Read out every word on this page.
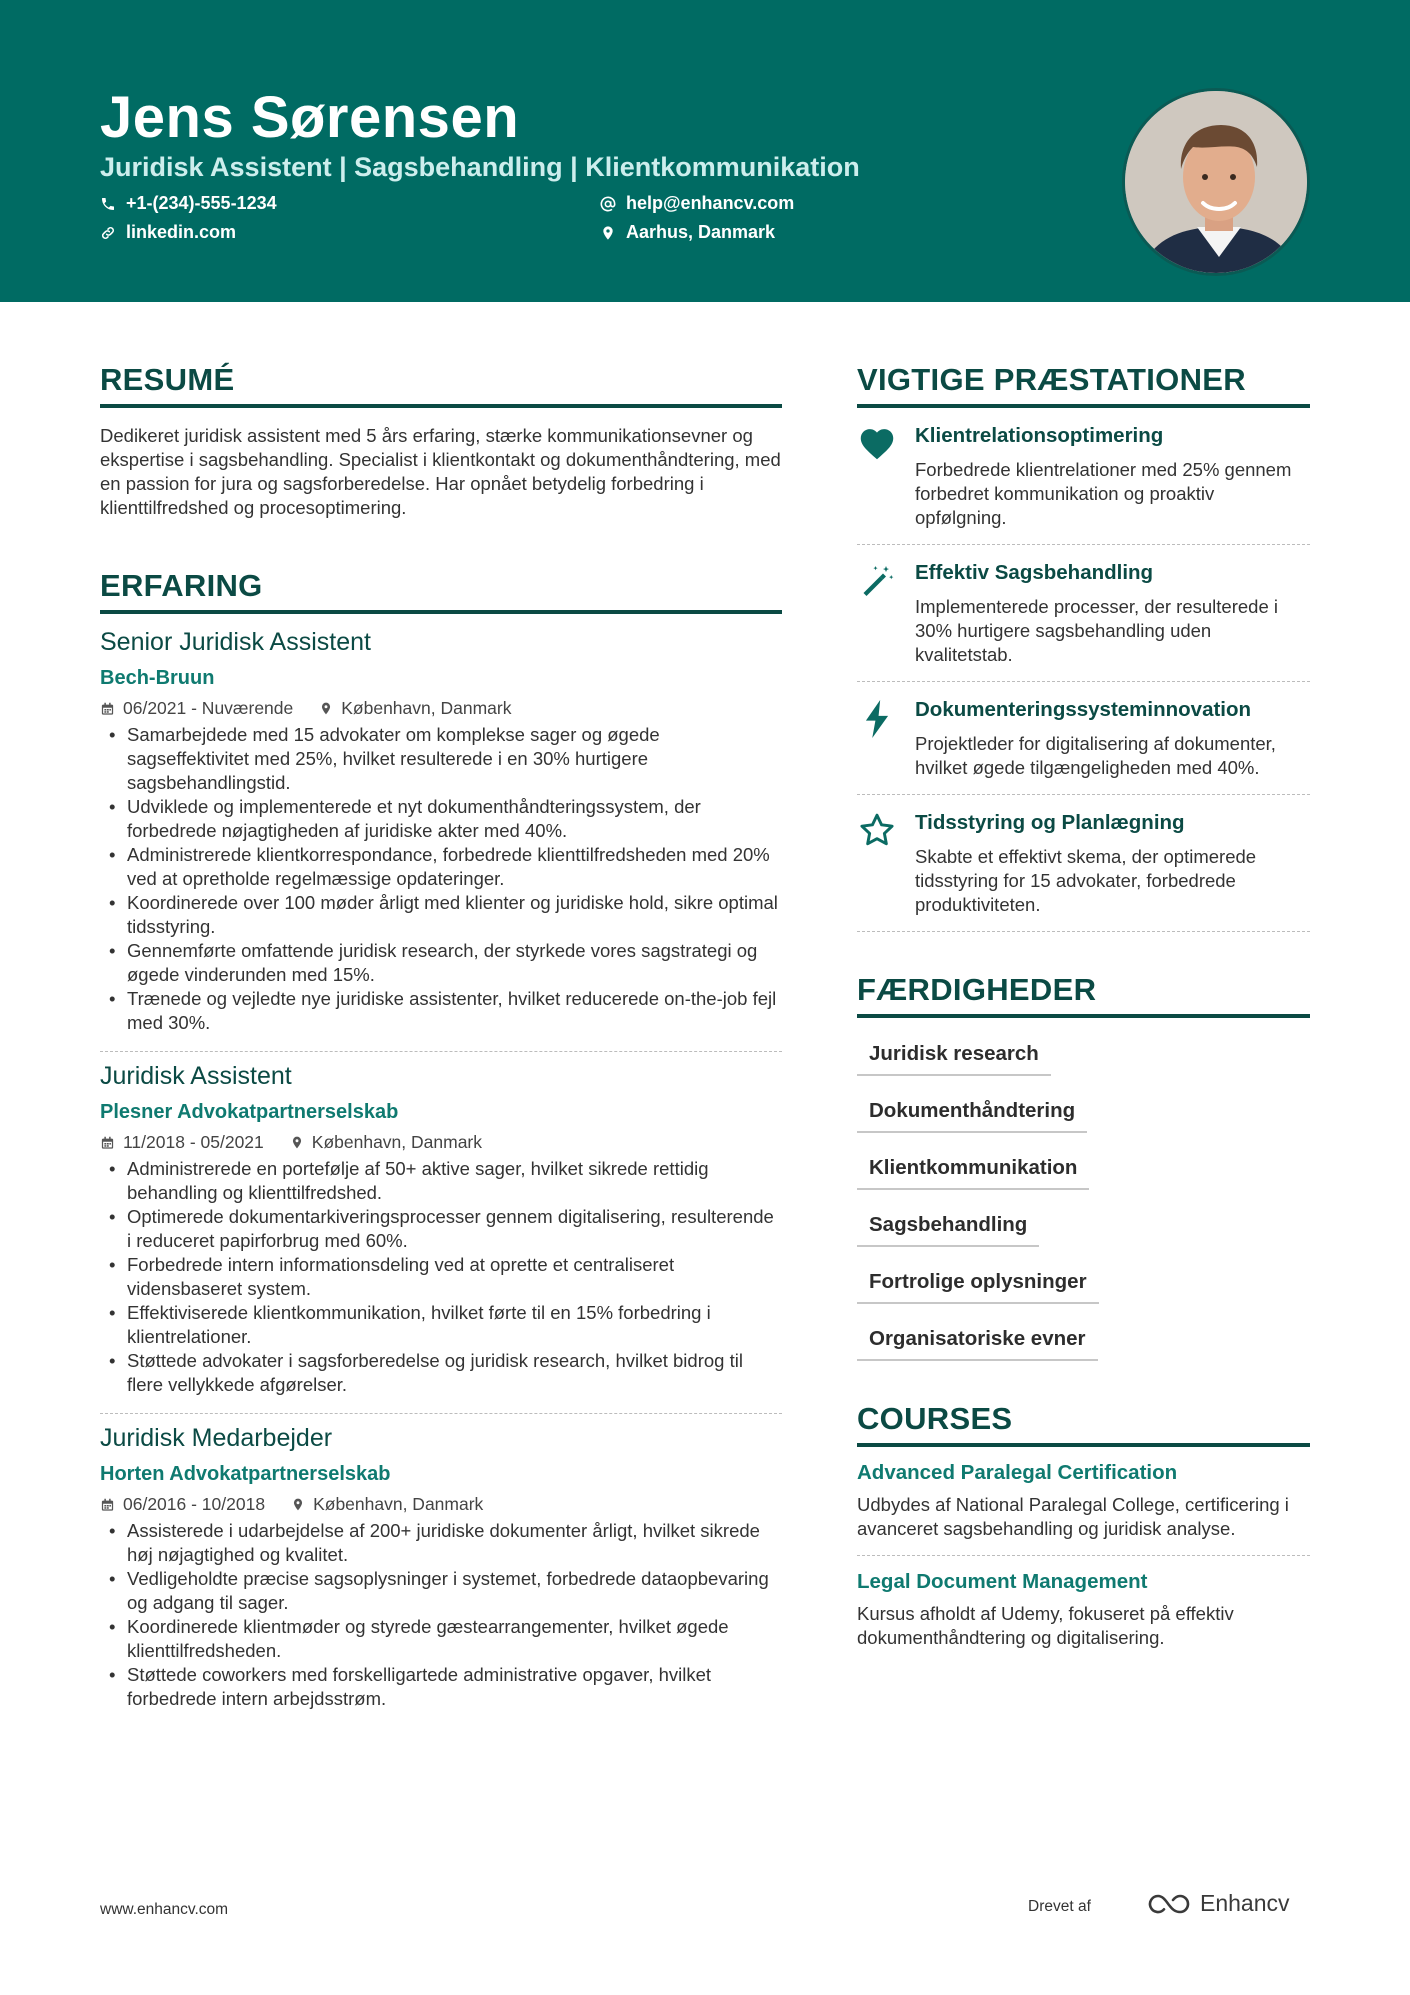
Jens Sørensen
Juridisk Assistent | Sagsbehandling | Klientkommunikation
+1-(234)-555-1234
linkedin.com
help@enhancv.com
Aarhus, Danmark
RESUMÉ
Dedikeret juridisk assistent med 5 års erfaring, stærke kommunikationsevner og ekspertise i sagsbehandling. Specialist i klientkontakt og dokumenthåndtering, med en passion for jura og sagsforberedelse. Har opnået betydelig forbedring i klienttilfredshed og procesoptimering.
ERFARING
Senior Juridisk Assistent
Bech-Bruun
06/2021 - Nuværende	København, Danmark
• Samarbejdede med 15 advokater om komplekse sager og øgede sagseffektivitet med 25%, hvilket resulterede i en 30% hurtigere sagsbehandlingstid.
• Udviklede og implementerede et nyt dokumenthåndteringssystem, der forbedrede nøjagtigheden af juridiske akter med 40%.
• Administrerede klientkorrespondance, forbedrede klienttilfredsheden med 20% ved at opretholde regelmæssige opdateringer.
• Koordinerede over 100 møder årligt med klienter og juridiske hold, sikre optimal tidsstyring.
• Gennemførte omfattende juridisk research, der styrkede vores sagstrategi og øgede vinderunden med 15%.
• Trænede og vejledte nye juridiske assistenter, hvilket reducerede on-the-job fejl med 30%.
Juridisk Assistent
Plesner Advokatpartnerselskab
11/2018 - 05/2021	København, Danmark
• Administrerede en portefølje af 50+ aktive sager, hvilket sikrede rettidig behandling og klienttilfredshed.
• Optimerede dokumentarkiveringsprocesser gennem digitalisering, resulterende i reduceret papirforbrug med 60%.
• Forbedrede intern informationsdeling ved at oprette et centraliseret vidensbaseret system.
• Effektiviserede klientkommunikation, hvilket førte til en 15% forbedring i klientrelationer.
• Støttede advokater i sagsforberedelse og juridisk research, hvilket bidrog til flere vellykkede afgørelser.
Juridisk Medarbejder
Horten Advokatpartnerselskab
06/2016 - 10/2018	København, Danmark
• Assisterede i udarbejdelse af 200+ juridiske dokumenter årligt, hvilket sikrede høj nøjagtighed og kvalitet.
• Vedligeholdte præcise sagsoplysninger i systemet, forbedrede dataopbevaring og adgang til sager.
• Koordinerede klientmøder og styrede gæstearrangementer, hvilket øgede klienttilfredsheden.
• Støttede coworkers med forskelligartede administrative opgaver, hvilket forbedrede intern arbejdsstrøm.
VIGTIGE PRÆSTATIONER
Klientrelationsoptimering
Forbedrede klientrelationer med 25% gennem forbedret kommunikation og proaktiv opfølgning.
Effektiv Sagsbehandling
Implementerede processer, der resulterede i 30% hurtigere sagsbehandling uden kvalitetstab.
Dokumenteringssysteminnovation
Projektleder for digitalisering af dokumenter, hvilket øgede tilgængeligheden med 40%.
Tidsstyring og Planlægning
Skabte et effektivt skema, der optimerede tidsstyring for 15 advokater, forbedrede produktiviteten.
FÆRDIGHEDER
Juridisk research
Dokumenthåndtering
Klientkommunikation
Sagsbehandling
Fortrolige oplysninger
Organisatoriske evner
COURSES
Advanced Paralegal Certification
Udbydes af National Paralegal College, certificering i avanceret sagsbehandling og juridisk analyse.
Legal Document Management
Kursus afholdt af Udemy, fokuseret på effektiv dokumenthåndtering og digitalisering.
www.enhancv.com	Drevet af	Enhancv
